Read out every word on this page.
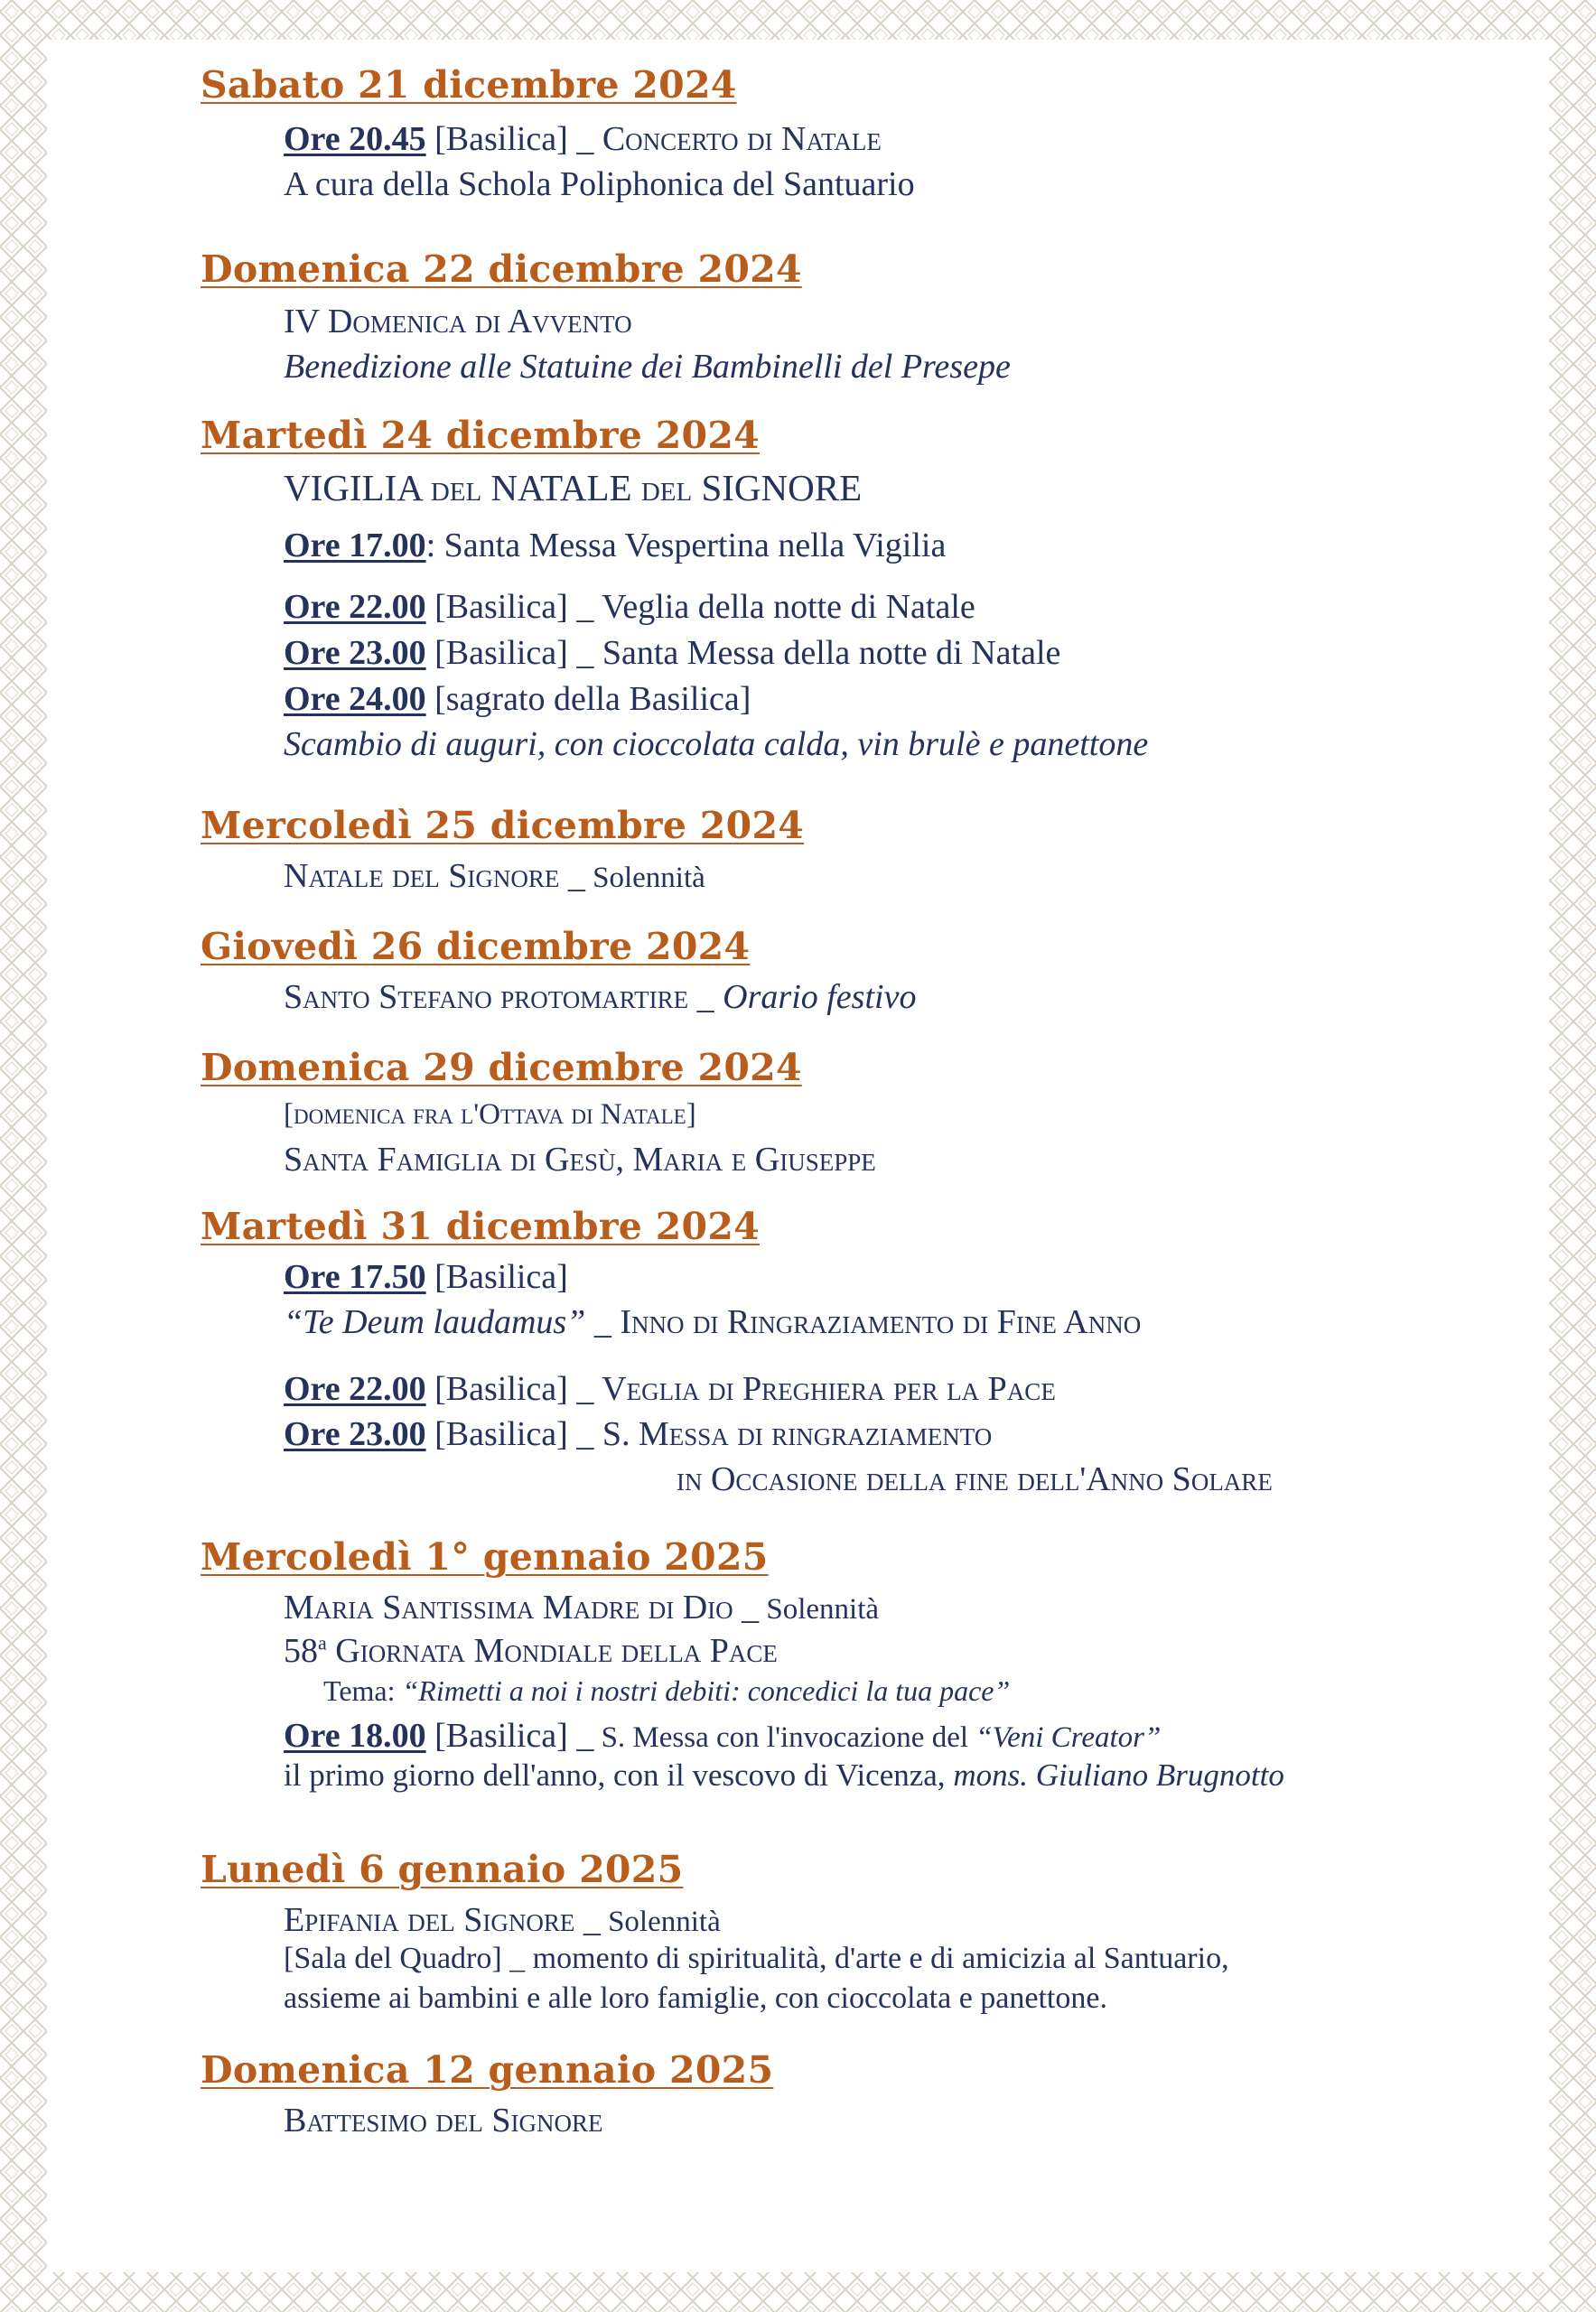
Sabato 21 dicembre 2024
Ore 20.45 [Basilica] _ Concerto di Natale
A cura della Schola Poliphonica del Santuario
Domenica 22 dicembre 2024
IV Domenica di Avvento
Benedizione alle Statuine dei Bambinelli del Presepe
Martedì 24 dicembre 2024
VIGILIA del NATALE del SIGNORE
Ore 17.00: Santa Messa Vespertina nella Vigilia
Ore 22.00 [Basilica] _ Veglia della notte di Natale
Ore 23.00 [Basilica] _ Santa Messa della notte di Natale
Ore 24.00 [sagrato della Basilica]
Scambio di auguri, con cioccolata calda, vin brulè e panettone
Mercoledì 25 dicembre 2024
Natale del Signore _ Solennità
Giovedì 26 dicembre 2024
Santo Stefano protomartire _ Orario festivo
Domenica 29 dicembre 2024
[domenica fra l'Ottava di Natale]
Santa Famiglia di Gesù, Maria e Giuseppe
Martedì 31 dicembre 2024
Ore 17.50 [Basilica]
“Te Deum laudamus” _ Inno di Ringraziamento di Fine Anno
Ore 22.00 [Basilica] _ Veglia di Preghiera per la Pace
Ore 23.00 [Basilica] _ S. Messa di ringraziamento
in Occasione della fine dell'Anno Solare
Mercoledì 1° gennaio 2025
Maria Santissima Madre di Dio _ Solennità
58$^a$ Giornata Mondiale della Pace
Tema: “Rimetti a noi i nostri debiti: concedici la tua pace”
Ore 18.00 [Basilica] _ S. Messa con l'invocazione del “Veni Creator”
il primo giorno dell'anno, con il vescovo di Vicenza, mons. Giuliano Brugnotto
Lunedì 6 gennaio 2025
Epifania del Signore _ Solennità
[Sala del Quadro] _ momento di spiritualità, d'arte e di amicizia al Santuario,
assieme ai bambini e alle loro famiglie, con cioccolata e panettone.
Domenica 12 gennaio 2025
Battesimo del Signore
